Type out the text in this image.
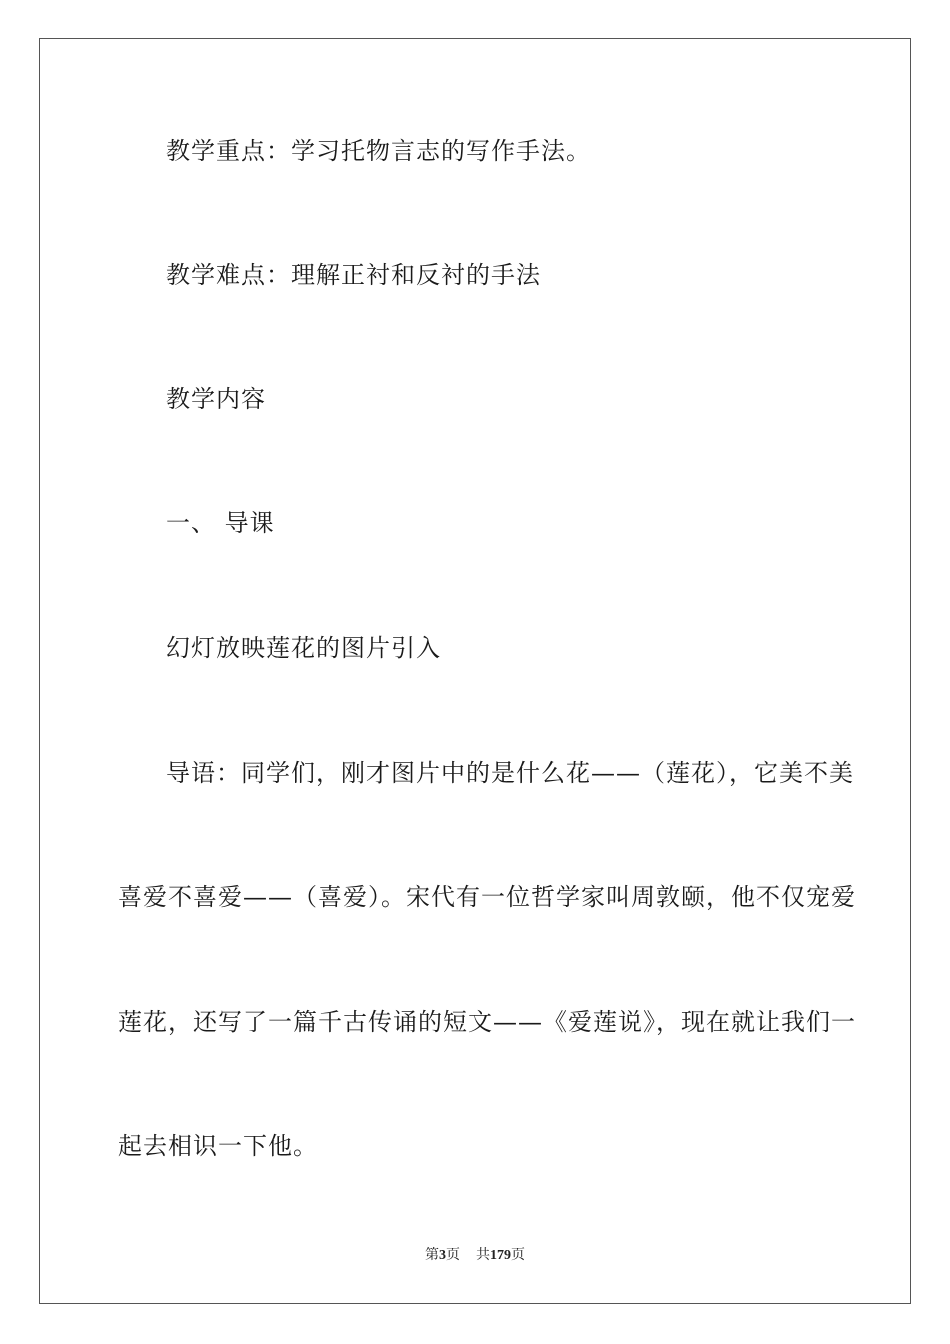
教学重点：学习托物言志的写作手法。
教学难点：理解正衬和反衬的手法
教学内容
一、 导课
幻灯放映莲花的图片引入
导语：同学们，刚才图片中的是什么花——（莲花），它美不美
喜爱不喜爱——（喜爱）。宋代有一位哲学家叫周敦颐，他不仅宠爱
莲花，还写了一篇千古传诵的短文——《爱莲说》，现在就让我们一
起去相识一下他。
第3页 共179页
